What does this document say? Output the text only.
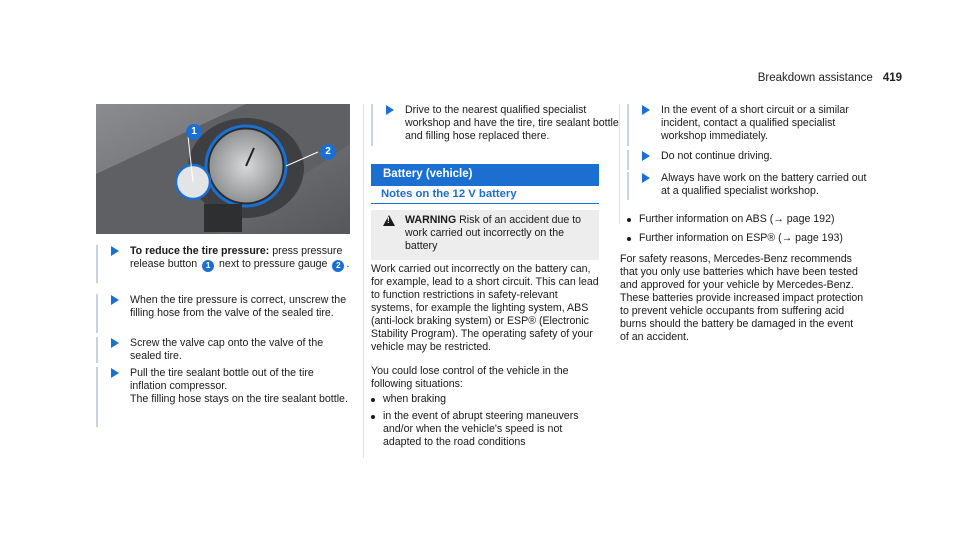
Breakdown assistance 419
1
2
To reduce the tire pressure: press pressure release button 1 next to pressure gauge 2 .
When the tire pressure is correct, unscrew the filling hose from the valve of the sealed tire.
Screw the valve cap onto the valve of the sealed tire.
Pull the tire sealant bottle out of the tire inflation compressor.
The filling hose stays on the tire sealant bottle.
Drive to the nearest qualified specialist workshop and have the tire, tire sealant bottle and filling hose replaced there.
Battery (vehicle)
Notes on the 12 V battery
!
WARNING Risk of an accident due to work carried out incorrectly on the battery
Work carried out incorrectly on the battery can, for example, lead to a short circuit. This can lead to function restrictions in safety-relevant systems, for example the lighting system, ABS (anti-lock braking system) or ESP® (Electronic Stability Program). The operating safety of your vehicle may be restricted.
You could lose control of the vehicle in the following situations:
when braking
in the event of abrupt steering maneuvers and/or when the vehicle's speed is not adapted to the road conditions
In the event of a short circuit or a similar incident, contact a qualified specialist workshop immediately.
Do not continue driving.
Always have work on the battery carried out at a qualified specialist workshop.
Further information on ABS (→ page 192)
Further information on ESP® (→ page 193)
For safety reasons, Mercedes-Benz recommends that you only use batteries which have been tested and approved for your vehicle by Mercedes-Benz. These batteries provide increased impact protection to prevent vehicle occupants from suffering acid burns should the battery be damaged in the event of an accident.
